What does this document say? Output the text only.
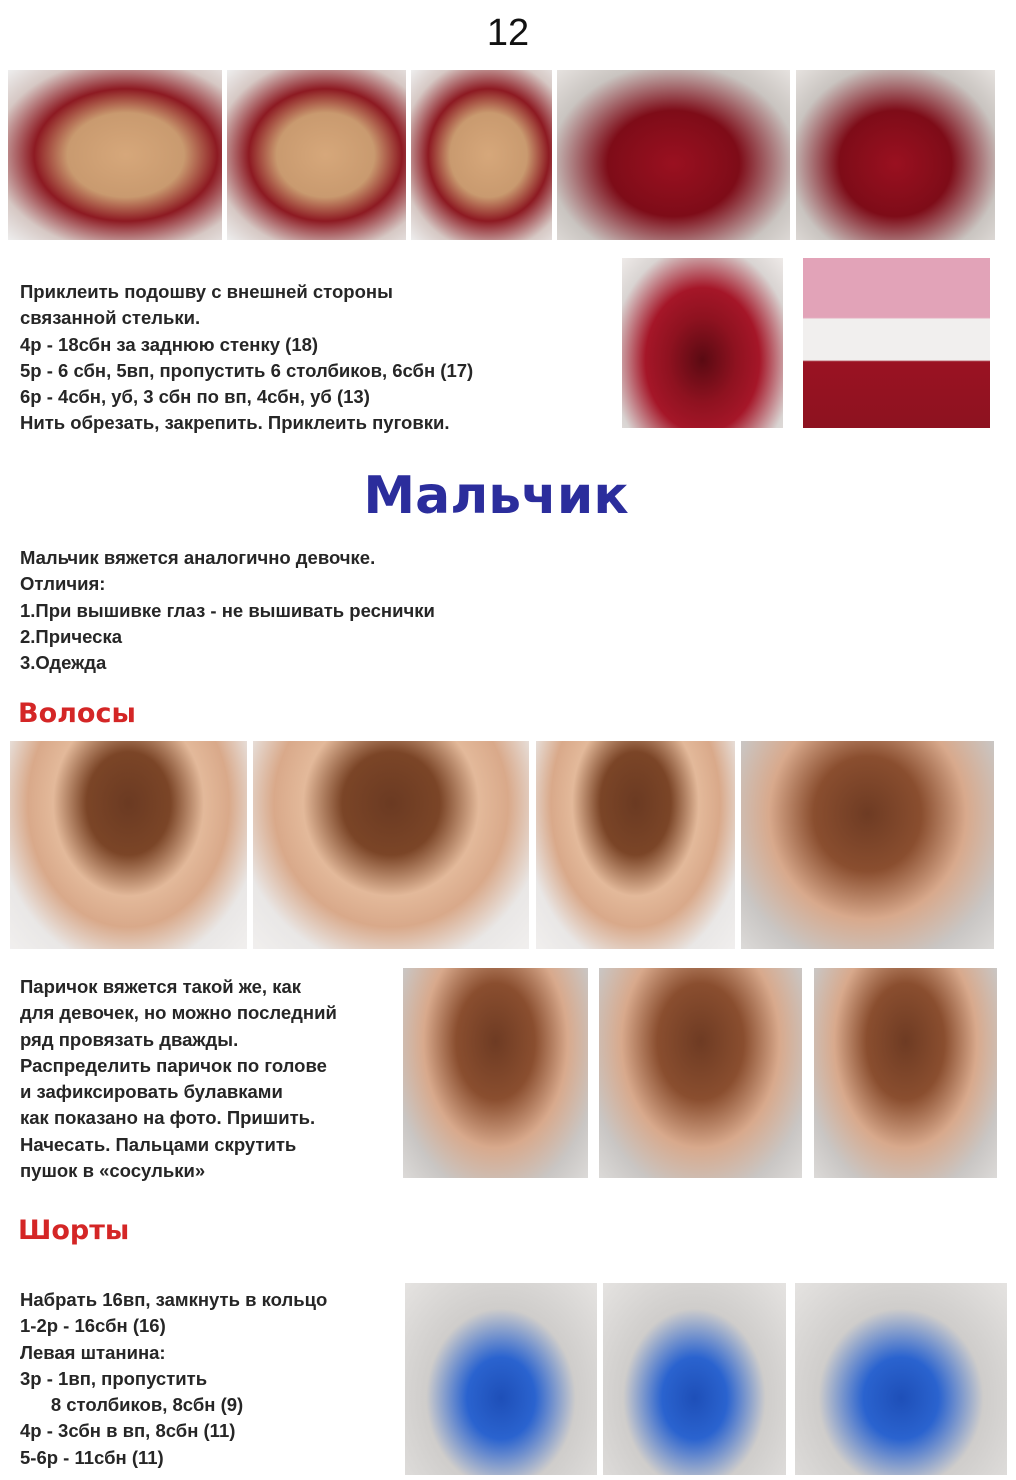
12
Приклеить подошву с внешней стороны
связанной стельки.
4р - 18сбн за заднюю стенку (18)
5р - 6 сбн, 5вп, пропустить 6 столбиков, 6сбн (17)
6р - 4сбн, уб, 3 сбн по вп, 4сбн, уб (13)
Нить обрезать, закрепить. Приклеить пуговки.
Мальчик
Мальчик вяжется аналогично девочке.
Отличия:
1.При вышивке глаз - не вышивать реснички
2.Прическа
3.Одежда
Волосы
Паричок вяжется такой же, как
для девочек, но можно последний
ряд провязать дважды.
Распределить паричок по голове
и зафиксировать булавками
как показано на фото. Пришить.
Начесать. Пальцами скрутить
пушок в «сосульки»
Шорты
Набрать 16вп, замкнуть в кольцо
1-2р - 16сбн (16)
Левая штанина:
3р - 1вп, пропустить
8 столбиков, 8сбн (9)
4р - 3сбн в вп, 8сбн (11)
5-6р - 11сбн (11)
